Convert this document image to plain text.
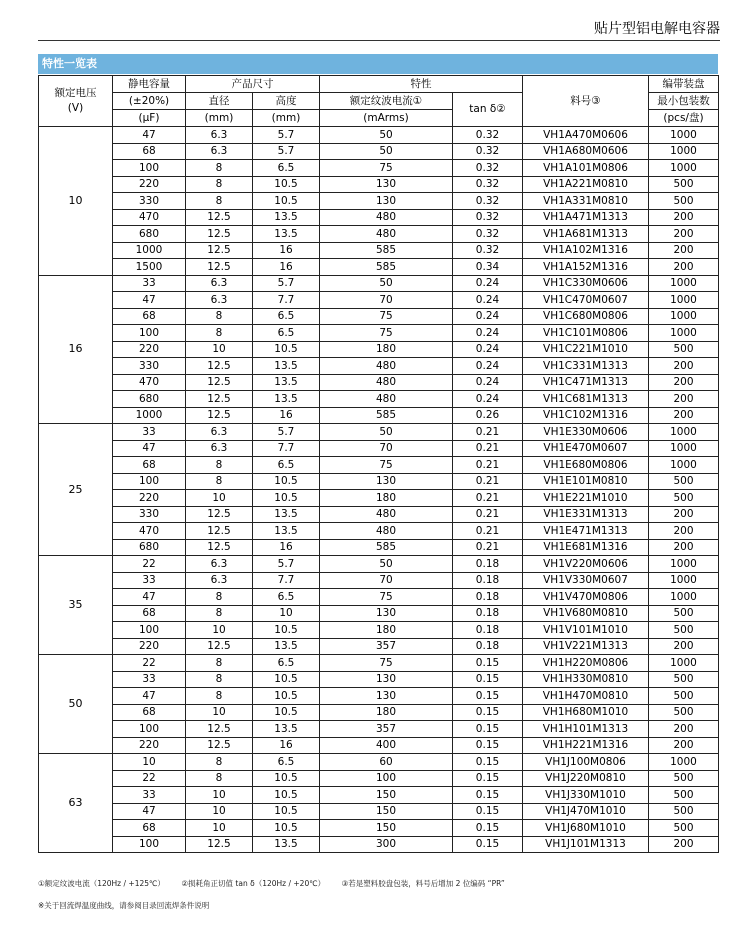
贴片型铝电解电容器
特性一览表
额定电压
(V)	静电容量	产品尺寸		特性		料号③	编带装盘
	(±20%)	直径	高度	额定纹波电流①	tan δ②		最小包装数
	(μF)	(mm)	(mm)	(mArms)			(pcs/盘)
10	47	6.3	5.7	50	0.32	VH1A470M0606	1000
	68	6.3	5.7	50	0.32	VH1A680M0606	1000
	100	8	6.5	75	0.32	VH1A101M0806	1000
	220	8	10.5	130	0.32	VH1A221M0810	500
	330	8	10.5	130	0.32	VH1A331M0810	500
	470	12.5	13.5	480	0.32	VH1A471M1313	200
	680	12.5	13.5	480	0.32	VH1A681M1313	200
	1000	12.5	16	585	0.32	VH1A102M1316	200
	1500	12.5	16	585	0.34	VH1A152M1316	200
16	33	6.3	5.7	50	0.24	VH1C330M0606	1000
	47	6.3	7.7	70	0.24	VH1C470M0607	1000
	68	8	6.5	75	0.24	VH1C680M0806	1000
	100	8	6.5	75	0.24	VH1C101M0806	1000
	220	10	10.5	180	0.24	VH1C221M1010	500
	330	12.5	13.5	480	0.24	VH1C331M1313	200
	470	12.5	13.5	480	0.24	VH1C471M1313	200
	680	12.5	13.5	480	0.24	VH1C681M1313	200
	1000	12.5	16	585	0.26	VH1C102M1316	200
25	33	6.3	5.7	50	0.21	VH1E330M0606	1000
	47	6.3	7.7	70	0.21	VH1E470M0607	1000
	68	8	6.5	75	0.21	VH1E680M0806	1000
	100	8	10.5	130	0.21	VH1E101M0810	500
	220	10	10.5	180	0.21	VH1E221M1010	500
	330	12.5	13.5	480	0.21	VH1E331M1313	200
	470	12.5	13.5	480	0.21	VH1E471M1313	200
	680	12.5	16	585	0.21	VH1E681M1316	200
35	22	6.3	5.7	50	0.18	VH1V220M0606	1000
	33	6.3	7.7	70	0.18	VH1V330M0607	1000
	47	8	6.5	75	0.18	VH1V470M0806	1000
	68	8	10	130	0.18	VH1V680M0810	500
	100	10	10.5	180	0.18	VH1V101M1010	500
	220	12.5	13.5	357	0.18	VH1V221M1313	200
50	22	8	6.5	75	0.15	VH1H220M0806	1000
	33	8	10.5	130	0.15	VH1H330M0810	500
	47	8	10.5	130	0.15	VH1H470M0810	500
	68	10	10.5	180	0.15	VH1H680M1010	500
	100	12.5	13.5	357	0.15	VH1H101M1313	200
	220	12.5	16	400	0.15	VH1H221M1316	200
63	10	8	6.5	60	0.15	VH1J100M0806	1000
	22	8	10.5	100	0.15	VH1J220M0810	500
	33	10	10.5	150	0.15	VH1J330M1010	500
	47	10	10.5	150	0.15	VH1J470M1010	500
	68	10	10.5	150	0.15	VH1J680M1010	500
	100	12.5	13.5	300	0.15	VH1J101M1313	200
①额定纹波电流（120Hz / +125℃） ②损耗角正切值 tan δ（120Hz / +20℃） ③若是塑料胶盘包装，料号后增加 2 位编码 “PR”
※关于回流焊温度曲线，请参阅目录回流焊条件说明
